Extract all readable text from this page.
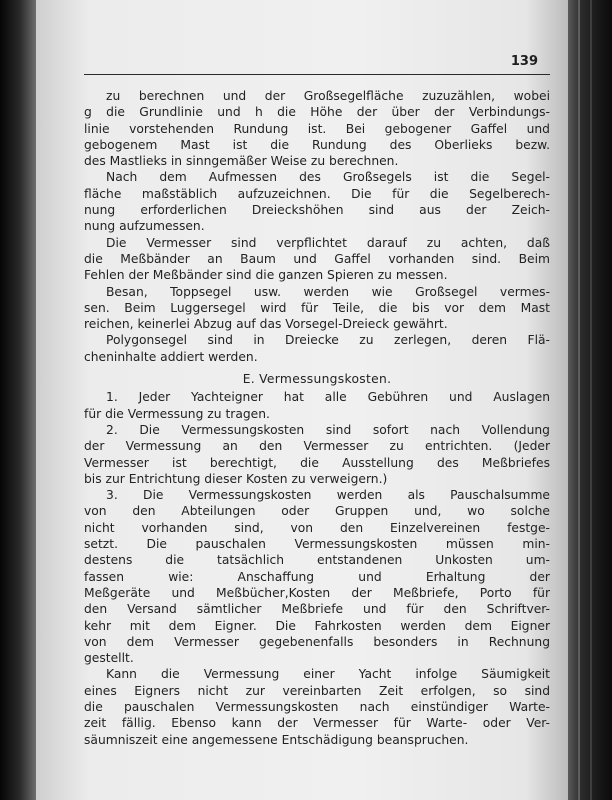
139
zu berechnen und der Großsegelfläche zuzuzählen, wobei
g die Grundlinie und h die Höhe der über der Verbindungs-
linie vorstehenden Rundung ist. Bei gebogener Gaffel und
gebogenem Mast ist die Rundung des Oberlieks bezw.
des Mastlieks in sinngemäßer Weise zu berechnen.
Nach dem Aufmessen des Großsegels ist die Segel-
fläche maßstäblich aufzuzeichnen. Die für die Segelberech-
nung erforderlichen Dreieckshöhen sind aus der Zeich-
nung aufzumessen.
Die Vermesser sind verpflichtet darauf zu achten, daß
die Meßbänder an Baum und Gaffel vorhanden sind. Beim
Fehlen der Meßbänder sind die ganzen Spieren zu messen.
Besan, Toppsegel usw. werden wie Großsegel vermes-
sen. Beim Luggersegel wird für Teile, die bis vor dem Mast
reichen, keinerlei Abzug auf das Vorsegel-Dreieck gewährt.
Polygonsegel sind in Dreiecke zu zerlegen, deren Flä-
cheninhalte addiert werden.
E. Vermessungskosten.
1. Jeder Yachteigner hat alle Gebühren und Auslagen
für die Vermessung zu tragen.
2. Die Vermessungskosten sind sofort nach Vollendung
der Vermessung an den Vermesser zu entrichten. (Jeder
Vermesser ist berechtigt, die Ausstellung des Meßbriefes
bis zur Entrichtung dieser Kosten zu verweigern.)
3. Die Vermessungskosten werden als Pauschalsumme
von den Abteilungen oder Gruppen und, wo solche
nicht vorhanden sind, von den Einzelvereinen festge-
setzt. Die pauschalen Vermessungskosten müssen min-
destens die tatsächlich entstandenen Unkosten um-
fassen wie: Anschaffung und Erhaltung der
Meßgeräte und Meßbücher,Kosten der Meßbriefe, Porto für
den Versand sämtlicher Meßbriefe und für den Schriftver-
kehr mit dem Eigner. Die Fahrkosten werden dem Eigner
von dem Vermesser gegebenenfalls besonders in Rechnung
gestellt.
Kann die Vermessung einer Yacht infolge Säumigkeit
eines Eigners nicht zur vereinbarten Zeit erfolgen, so sind
die pauschalen Vermessungskosten nach einstündiger Warte-
zeit fällig. Ebenso kann der Vermesser für Warte- oder Ver-
säumniszeit eine angemessene Entschädigung beanspruchen.
